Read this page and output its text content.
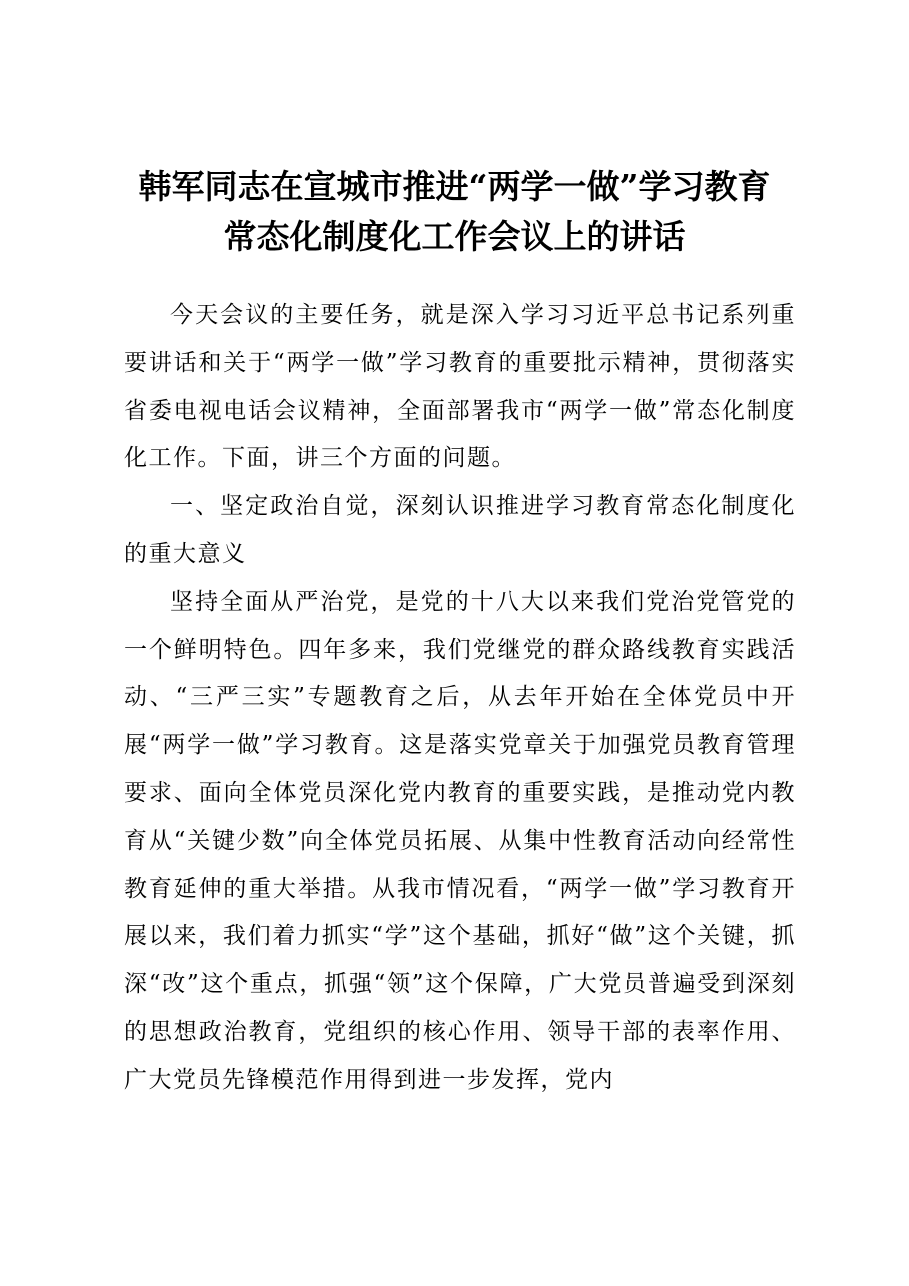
韩军同志在宣城市推进“两学一做”学习教育
常态化制度化工作会议上的讲话

今天会议的主要任务，就是深入学习习近平总书记系列重要讲话和关于“两学一做”学习教育的重要批示精神，贯彻落实省委电视电话会议精神，全面部署我市“两学一做”常态化制度化工作。下面，讲三个方面的问题。

一、坚定政治自觉，深刻认识推进学习教育常态化制度化的重大意义

坚持全面从严治党，是党的十八大以来我们党治党管党的一个鲜明特色。四年多来，我们党继党的群众路线教育实践活动、“三严三实”专题教育之后，从去年开始在全体党员中开展“两学一做”学习教育。这是落实党章关于加强党员教育管理要求、面向全体党员深化党内教育的重要实践，是推动党内教育从“关键少数”向全体党员拓展、从集中性教育活动向经常性教育延伸的重大举措。从我市情况看，“两学一做”学习教育开展以来，我们着力抓实“学”这个基础，抓好“做”这个关键，抓深“改”这个重点，抓强“领”这个保障，广大党员普遍受到深刻的思想政治教育，党组织的核心作用、领导干部的表率作用、广大党员先锋模范作用得到进一步发挥，党内
